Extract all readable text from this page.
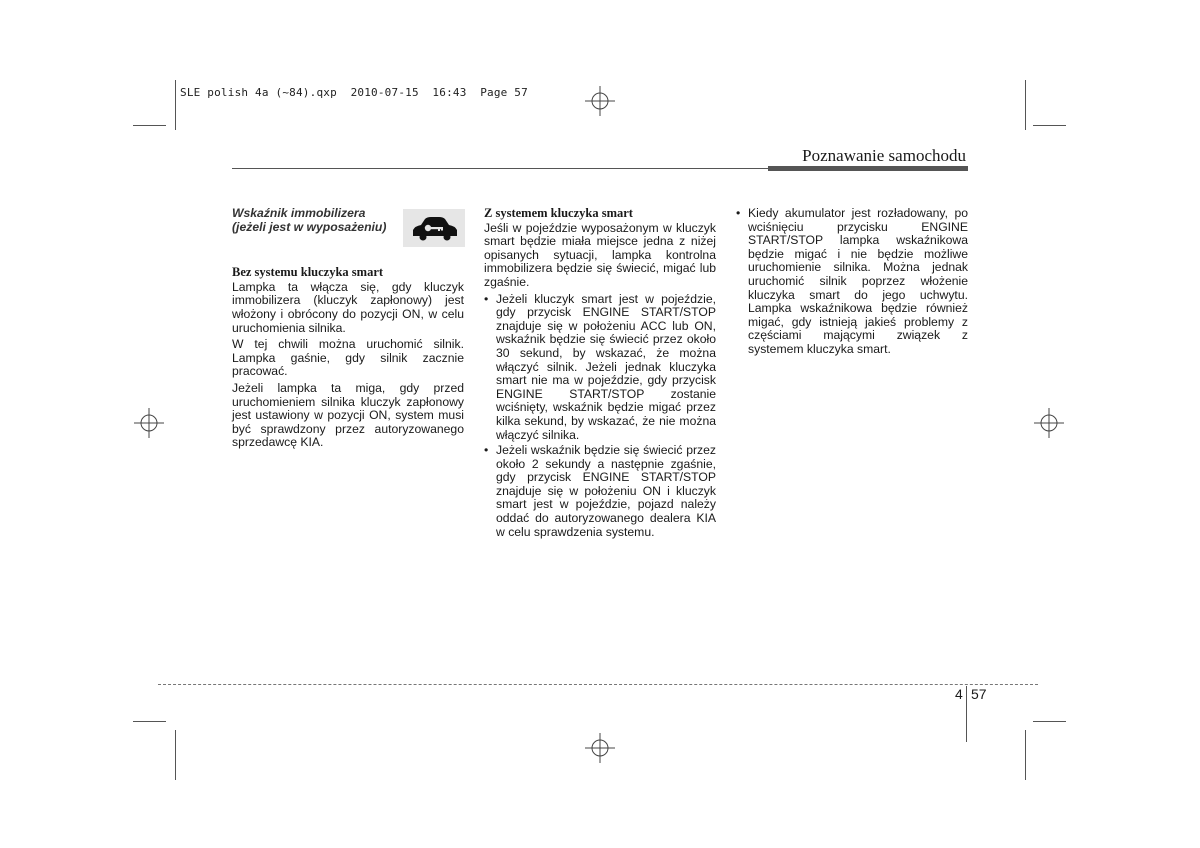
SLE polish 4a (~84).qxp  2010-07-15  16:43  Page 57
Poznawanie samochodu
Wskaźnik immobilizera
(jeżeli jest w wyposażeniu)

Bez systemu kluczyka smart

Lampka ta włącza się, gdy kluczyk immobilizera (kluczyk zapłonowy) jest włożony i obrócony do pozycji ON, w celu uruchomienia silnika.

W tej chwili można uruchomić silnik. Lampka gaśnie, gdy silnik zacznie pracować.

Jeżeli lampka ta miga, gdy przed uruchomieniem silnika kluczyk zapłonowy jest ustawiony w pozycji ON, system musi być sprawdzony przez autoryzowanego sprzedawcę KIA.

Z systemem kluczyka smart

Jeśli w pojeździe wyposażonym w kluczyk smart będzie miała miejsce jedna z niżej opisanych sytuacji, lampka kontrolna immobilizera będzie się świecić, migać lub zgaśnie.

• Jeżeli kluczyk smart jest w pojeździe, gdy przycisk ENGINE START/STOP znajduje się w położeniu ACC lub ON, wskaźnik będzie się świecić przez około 30 sekund, by wskazać, że można włączyć silnik. Jeżeli jednak kluczyka smart nie ma w pojeździe, gdy przycisk ENGINE START/STOP zostanie wciśnięty, wskaźnik będzie migać przez kilka sekund, by wskazać, że nie można włączyć silnika.
• Jeżeli wskaźnik będzie się świecić przez około 2 sekundy a następnie zgaśnie, gdy przycisk ENGINE START/STOP znajduje się w położeniu ON i kluczyk smart jest w pojeździe, pojazd należy oddać do autoryzowanego dealera KIA w celu sprawdzenia systemu.
• Kiedy akumulator jest rozładowany, po wciśnięciu przycisku ENGINE START/STOP lampka wskaźnikowa będzie migać i nie będzie możliwe uruchomienie silnika. Można jednak uruchomić silnik poprzez włożenie kluczyka smart do jego uchwytu. Lampka wskaźnikowa będzie również migać, gdy istnieją jakieś problemy z częściami mającymi związek z systemem kluczyka smart.
4 57
